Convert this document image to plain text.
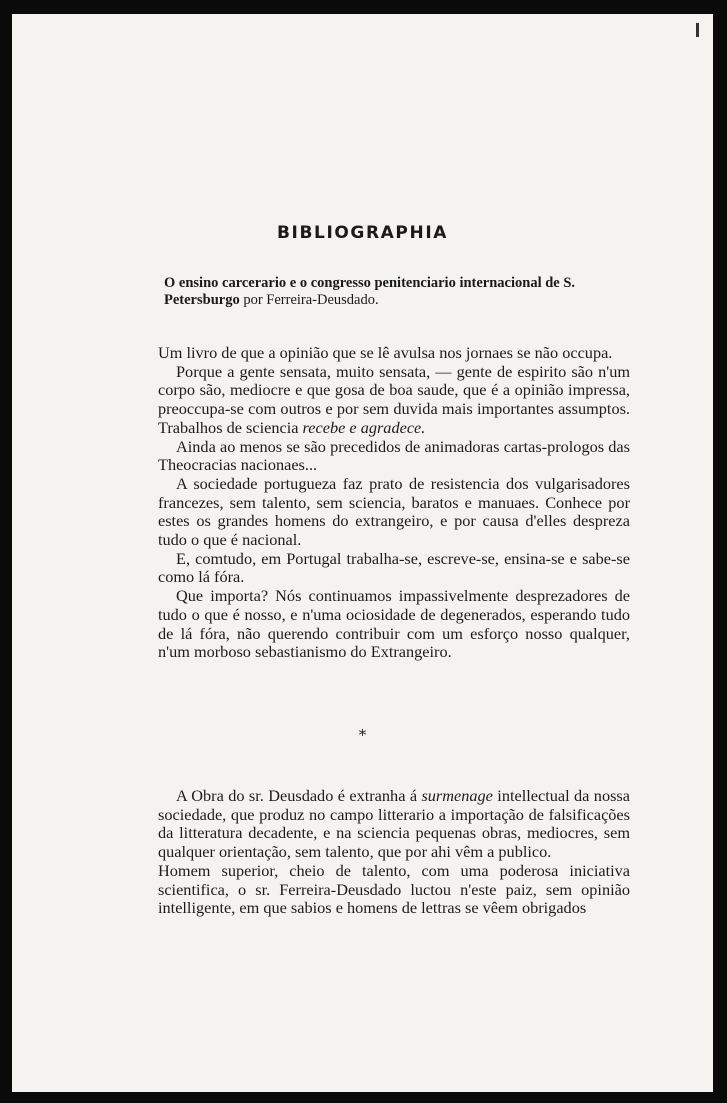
BIBLIOGRAPHIA
O ensino carcerario e o congresso penitenciario internacional de S. Petersburgo por Ferreira-Deusdado.

Um livro de que a opinião que se lê avulsa nos jornaes se não occupa.

Porque a gente sensata, muito sensata, — gente de espirito são n'um corpo são, mediocre e que gosa de boa saude, que é a opinião impressa, preoccupa-se com outros e por sem duvida mais importantes assumptos. Trabalhos de sciencia recebe e agradece.

Ainda ao menos se são precedidos de animadoras cartas-prologos das Theocracias nacionaes...

A sociedade portugueza faz prato de resistencia dos vulgarisadores francezes, sem talento, sem sciencia, baratos e manuaes. Conhece por estes os grandes homens do extrangeiro, e por causa d'elles despreza tudo o que é nacional.

E, comtudo, em Portugal trabalha-se, escreve-se, ensina-se e sabe-se como lá fóra.

Que importa? Nós continuamos impassivelmente desprezadores de tudo o que é nosso, e n'uma ociosidade de degenerados, esperando tudo de lá fóra, não querendo contribuir com um esforço nosso qualquer, n'um morboso sebastianismo do Extrangeiro.

*

A Obra do sr. Deusdado é extranha á surmenage intellectual da nossa sociedade, que produz no campo litterario a importação de falsificações da litteratura decadente, e na sciencia pequenas obras, mediocres, sem qualquer orientação, sem talento, que por ahi vêm a publico.

Homem superior, cheio de talento, com uma poderosa iniciativa scientifica, o sr. Ferreira-Deusdado luctou n'este paiz, sem opinião intelligente, em que sabios e homens de lettras se vêem obrigados
